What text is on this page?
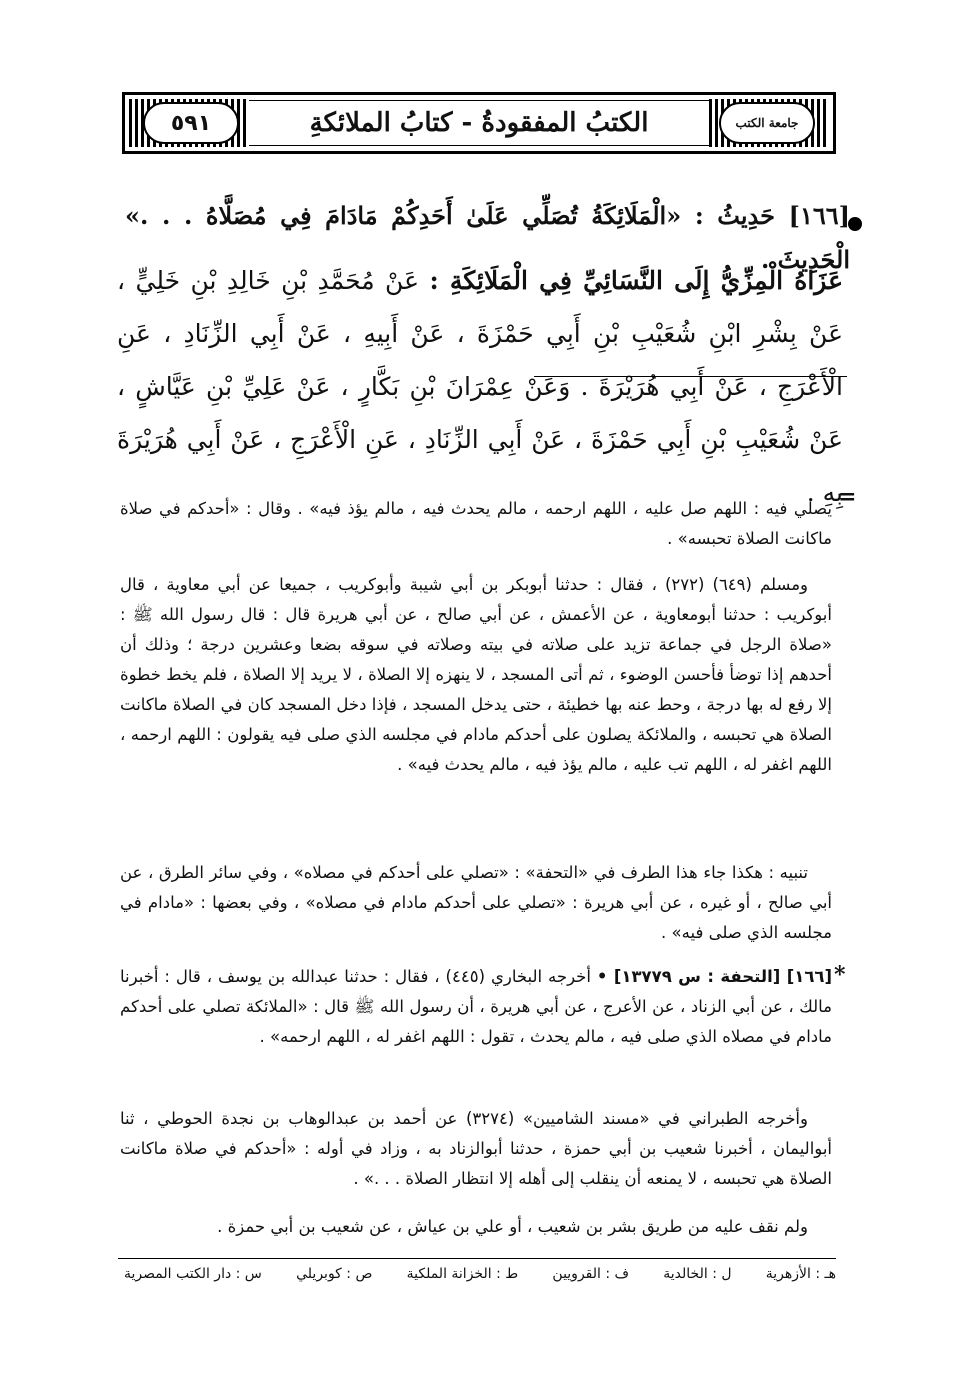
٥٩١	جامعة الكتب
الكتبُ المفقودةُ - كتابُ الملائكةِ
[١٦٦] حَدِيثُ : «الْمَلَائِكَةُ تُصَلِّي عَلَىٰ أَحَدِكُمْ مَادَامَ فِي مُصَلَّاهُ . . .» الْحَدِيثَ .
عَزَاهُ الْمِزِّيُّ إِلَى النَّسَائِيِّ فِي الْمَلَائِكَةِ : عَنْ مُحَمَّدِ بْنِ خَالِدِ بْنِ خَلِيٍّ ، عَنْ بِشْرِ ابْنِ شُعَيْبِ بْنِ أَبِي حَمْزَةَ ، عَنْ أَبِيهِ ، عَنْ أَبِي الزِّنَادِ ، عَنِ الْأَعْرَجِ ، عَنْ أَبِي هُرَيْرَةَ . وَعَنْ عِمْرَانَ بْنِ بَكَّارٍ ، عَنْ عَلِيِّ بْنِ عَيَّاشٍ ، عَنْ شُعَيْبِ بْنِ أَبِي حَمْزَةَ ، عَنْ أَبِي الزِّنَادِ ، عَنِ الْأَعْرَجِ ، عَنْ أَبِي هُرَيْرَةَ بِهِ .
=
يصلي فيه : اللهم صل عليه ، اللهم ارحمه ، مالم يحدث فيه ، مالم يؤذ فيه» . وقال : «أحدكم في صلاة ماكانت الصلاة تحبسه» .
ومسلم (٦٤٩) (٢٧٢) ، فقال : حدثنا أبوبكر بن أبي شيبة وأبوكريب ، جميعا عن أبي معاوية ، قال أبوكريب : حدثنا أبومعاوية ، عن الأعمش ، عن أبي صالح ، عن أبي هريرة قال : قال رسول الله ﷺ : «صلاة الرجل في جماعة تزيد على صلاته في بيته وصلاته في سوقه بضعا وعشرين درجة ؛ وذلك أن أحدهم إذا توضأ فأحسن الوضوء ، ثم أتى المسجد ، لا ينهزه إلا الصلاة ، لا يريد إلا الصلاة ، فلم يخط خطوة إلا رفع له بها درجة ، وحط عنه بها خطيئة ، حتى يدخل المسجد ، فإذا دخل المسجد كان في الصلاة ماكانت الصلاة هي تحبسه ، والملائكة يصلون على أحدكم مادام في مجلسه الذي صلى فيه يقولون : اللهم ارحمه ، اللهم اغفر له ، اللهم تب عليه ، مالم يؤذ فيه ، مالم يحدث فيه» .
تنبيه : هكذا جاء هذا الطرف في «التحفة» : «تصلي على أحدكم في مصلاه» ، وفي سائر الطرق ، عن أبي صالح ، أو غيره ، عن أبي هريرة : «تصلي على أحدكم مادام في مصلاه» ، وفي بعضها : «مادام في مجلسه الذي صلى فيه» .
*
[١٦٦] [التحفة : س ١٣٧٧٩] • أخرجه البخاري (٤٤٥) ، فقال : حدثنا عبدالله بن يوسف ، قال : أخبرنا مالك ، عن أبي الزناد ، عن الأعرج ، عن أبي هريرة ، أن رسول الله ﷺ قال : «الملائكة تصلي على أحدكم مادام في مصلاه الذي صلى فيه ، مالم يحدث ، تقول : اللهم اغفر له ، اللهم ارحمه» .
وأخرجه الطبراني في «مسند الشاميين» (٣٢٧٤) عن أحمد بن عبدالوهاب بن نجدة الحوطي ، ثنا أبواليمان ، أخبرنا شعيب بن أبي حمزة ، حدثنا أبوالزناد به ، وزاد في أوله : «أحدكم في صلاة ماكانت الصلاة هي تحبسه ، لا يمنعه أن ينقلب إلى أهله إلا انتظار الصلاة . . .» .
ولم نقف عليه من طريق بشر بن شعيب ، أو علي بن عياش ، عن شعيب بن أبي حمزة .
س : دار الكتب المصرية ص : كوبريلي ط : الخزانة الملكية ف : القرويين ل : الخالدية هـ : الأزهرية
